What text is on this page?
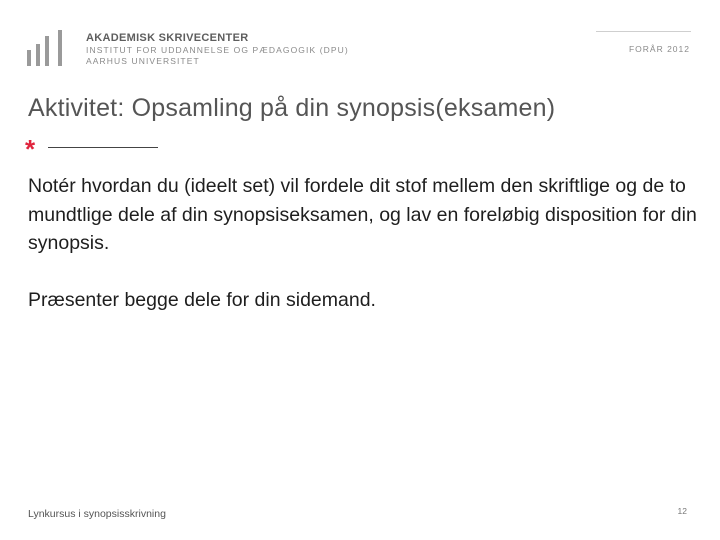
AKADEMISK SKRIVECENTER
INSTITUT FOR UDDANNELSE OG PÆDAGOGIK (DPU)
AARHUS UNIVERSITET
FORÅR 2012
Aktivitet: Opsamling på din synopsis(eksamen)
*

Notér hvordan du (ideelt set) vil fordele dit stof mellem den skriftlige og de to mundtlige dele af din synopsiseksamen, og lav en foreløbig disposition for din synopsis.

Præsenter begge dele for din sidemand.

Lynkursus i synopsisskrivning	12
